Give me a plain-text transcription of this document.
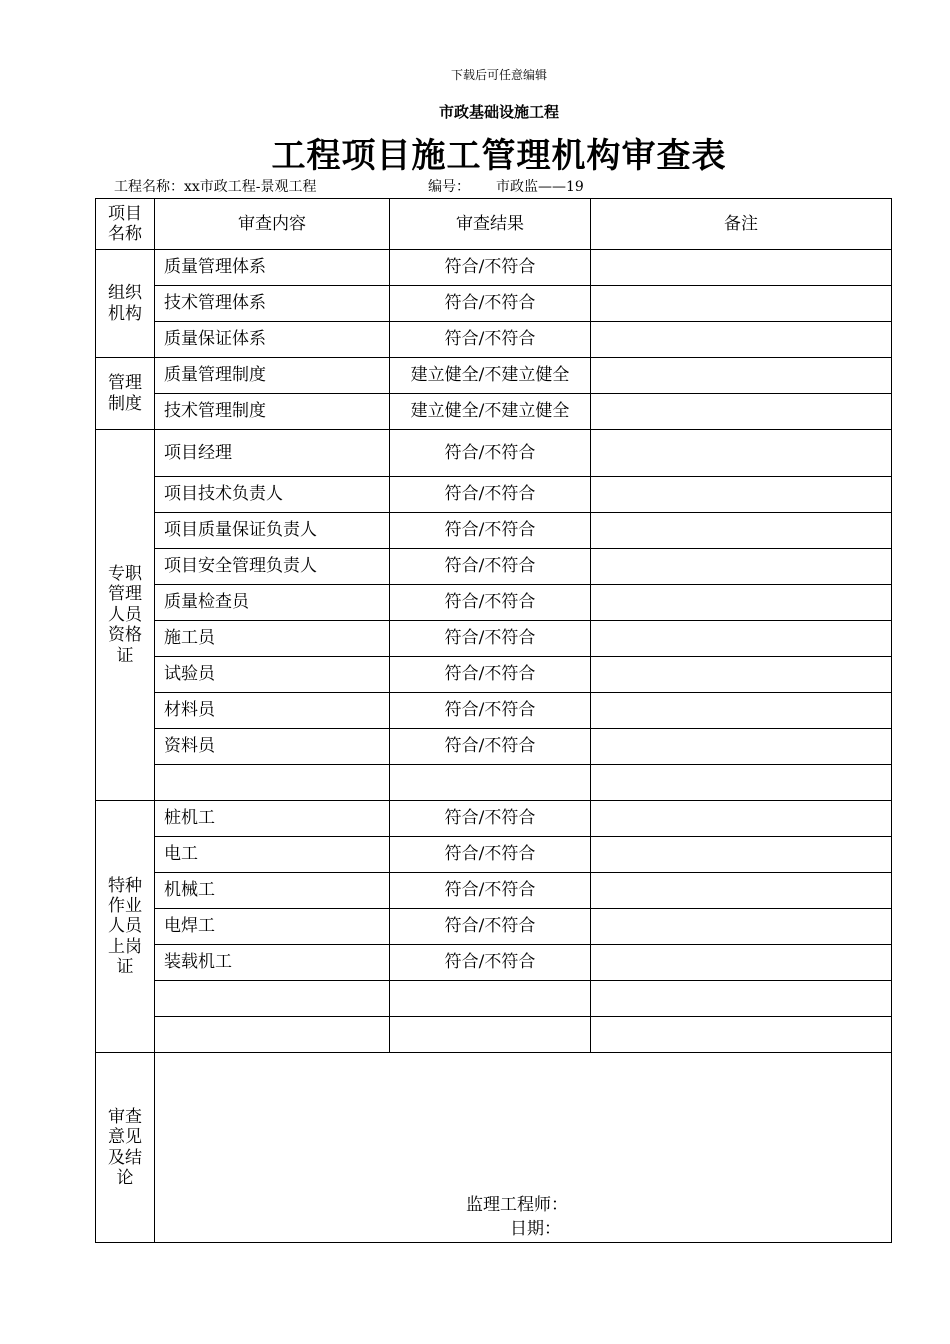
下载后可任意编辑
市政基础设施工程
工程项目施工管理机构审查表
工程名称：xx市政工程-景观工程	编号： 市政监——19
项目名称	审查内容	审查结果	备注
组织机构	质量管理体系	符合/不符合	
	技术管理体系	符合/不符合	
	质量保证体系	符合/不符合	
管理制度	质量管理制度	建立健全/不建立健全	
	技术管理制度	建立健全/不建立健全	
专职管理人员资格证	项目经理	符合/不符合	
	项目技术负责人	符合/不符合	
	项目质量保证负责人	符合/不符合	
	项目安全管理负责人	符合/不符合	
	质量检查员	符合/不符合	
	施工员	符合/不符合	
	试验员	符合/不符合	
	材料员	符合/不符合	
	资料员	符合/不符合	

特种作业人员上岗证	桩机工	符合/不符合	
	电工	符合/不符合	
	机械工	符合/不符合	
	电焊工	符合/不符合	
	装载机工	符合/不符合	

审查意见及结论	监理工程师：
日期：		
